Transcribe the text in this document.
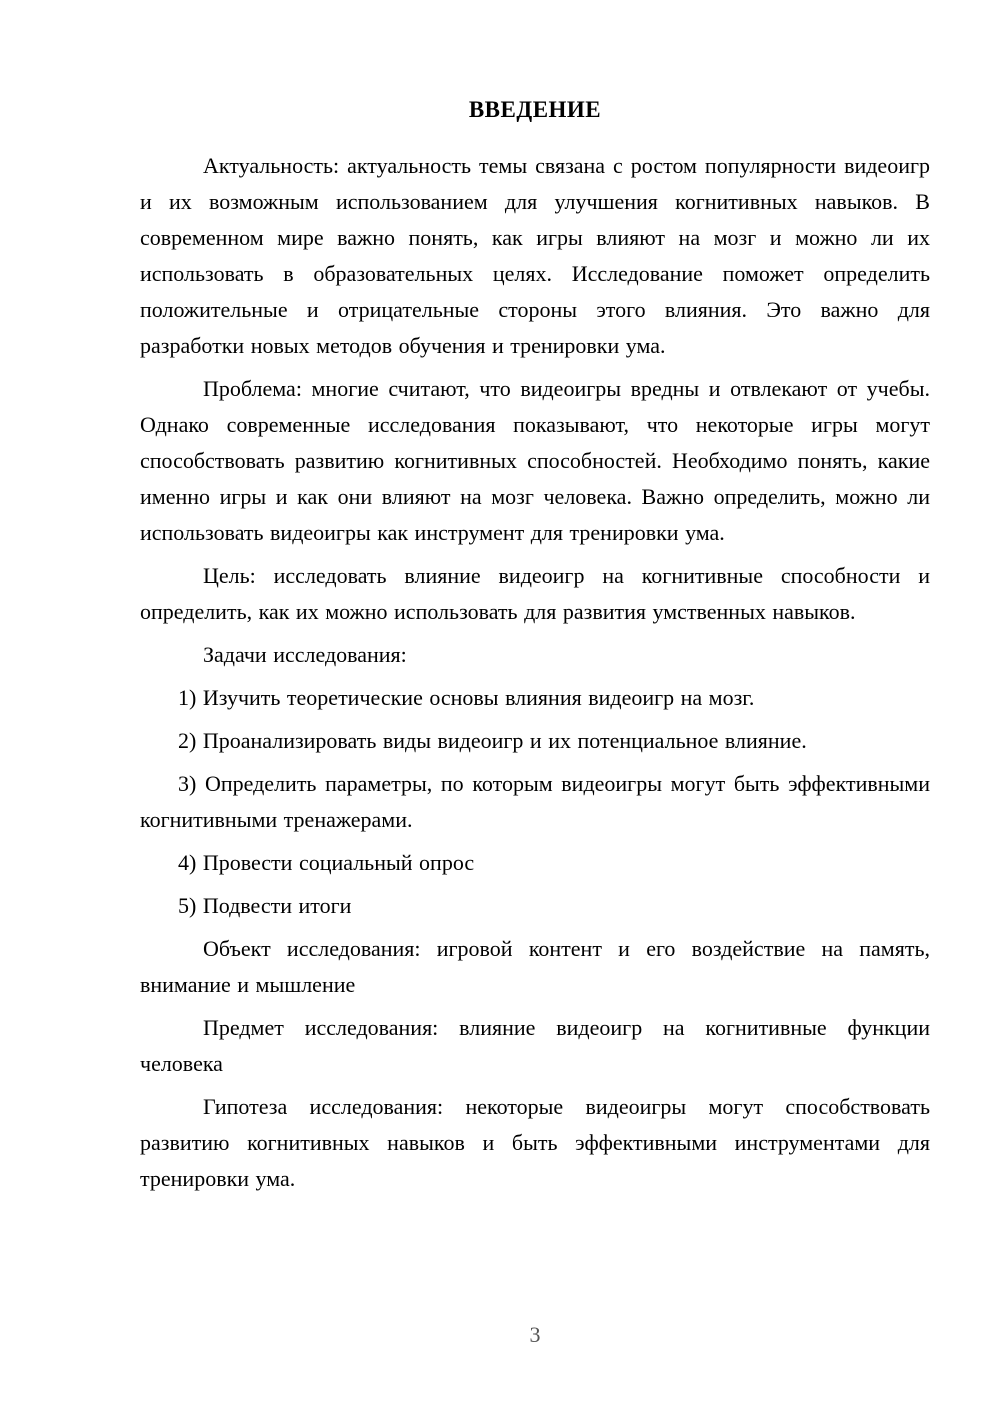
ВВЕДЕНИЕ

Актуальность: актуальность темы связана с ростом популярности видеоигр и их возможным использованием для улучшения когнитивных навыков. В современном мире важно понять, как игры влияют на мозг и можно ли их использовать в образовательных целях. Исследование поможет определить положительные и отрицательные стороны этого влияния. Это важно для разработки новых методов обучения и тренировки ума.

Проблема: многие считают, что видеоигры вредны и отвлекают от учебы. Однако современные исследования показывают, что некоторые игры могут способствовать развитию когнитивных способностей. Необходимо понять, какие именно игры и как они влияют на мозг человека. Важно определить, можно ли использовать видеоигры как инструмент для тренировки ума.

Цель: исследовать влияние видеоигр на когнитивные способности и определить, как их можно использовать для развития умственных навыков.

Задачи исследования:

1) Изучить теоретические основы влияния видеоигр на мозг.

2) Проанализировать виды видеоигр и их потенциальное влияние.

3) Определить параметры, по которым видеоигры могут быть эффективными когнитивными тренажерами.

4) Провести социальный опрос

5) Подвести итоги

Объект исследования: игровой контент и его воздействие на память, внимание и мышление

Предмет исследования: влияние видеоигр на когнитивные функции человека

Гипотеза исследования: некоторые видеоигры могут способствовать развитию когнитивных навыков и быть эффективными инструментами для тренировки ума.

3
